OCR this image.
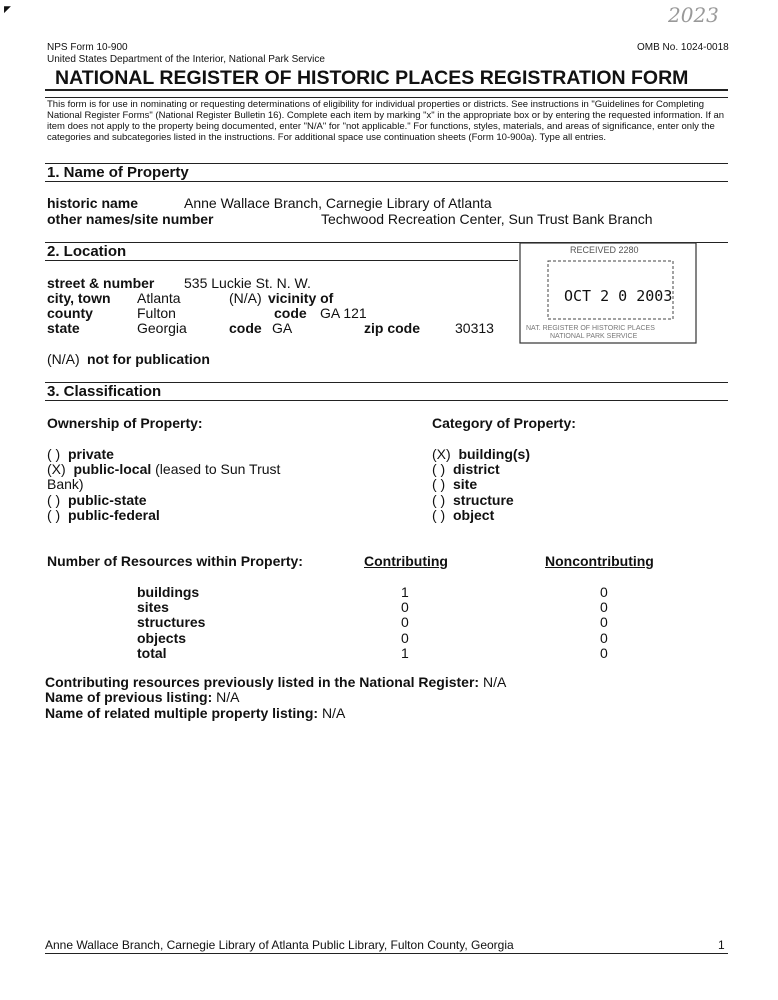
◤	2023
NPS Form 10-900
United States Department of the Interior, National Park Service
OMB No. 1024-0018
NATIONAL REGISTER OF HISTORIC PLACES REGISTRATION FORM
This form is for use in nominating or requesting determinations of eligibility for individual properties or districts. See instructions in "Guidelines for Completing National Register Forms" (National Register Bulletin 16). Complete each item by marking "x" in the appropriate box or by entering the requested information. If an item does not apply to the property being documented, enter "N/A" for "not applicable." For functions, styles, materials, and areas of significance, enter only the categories and subcategories listed in the instructions. For additional space use continuation sheets (Form 10-900a). Type all entries.
1. Name of Property
historic name	Anne Wallace Branch, Carnegie Library of Atlanta
other names/site number	Techwood Recreation Center, Sun Trust Bank Branch
2. Location
street & number 535 Luckie St. N. W.
city, town Atlanta	(N/A) vicinity of
county	Fulton	code GA 121
state	Georgia	code GA	zip code 30313
(N/A) not for publication
RECEIVED 2280
OCT 2 0 2003
NAT. REGISTER OF HISTORIC PLACES
NATIONAL PARK SERVICE
3. Classification
Ownership of Property:	Category of Property:
( ) private
(X) public-local (leased to Sun Trust
Bank)
( ) public-state
( ) public-federal
(X) building(s)
( ) district
( ) site
( ) structure
( ) object
Number of Resources within Property:	Contributing	Noncontributing
buildings	1	0
sites	0	0
structures	0	0
objects	0	0
total	1	0
Contributing resources previously listed in the National Register: N/A
Name of previous listing: N/A
Name of related multiple property listing: N/A
Anne Wallace Branch, Carnegie Library of Atlanta Public Library, Fulton County, Georgia	1
